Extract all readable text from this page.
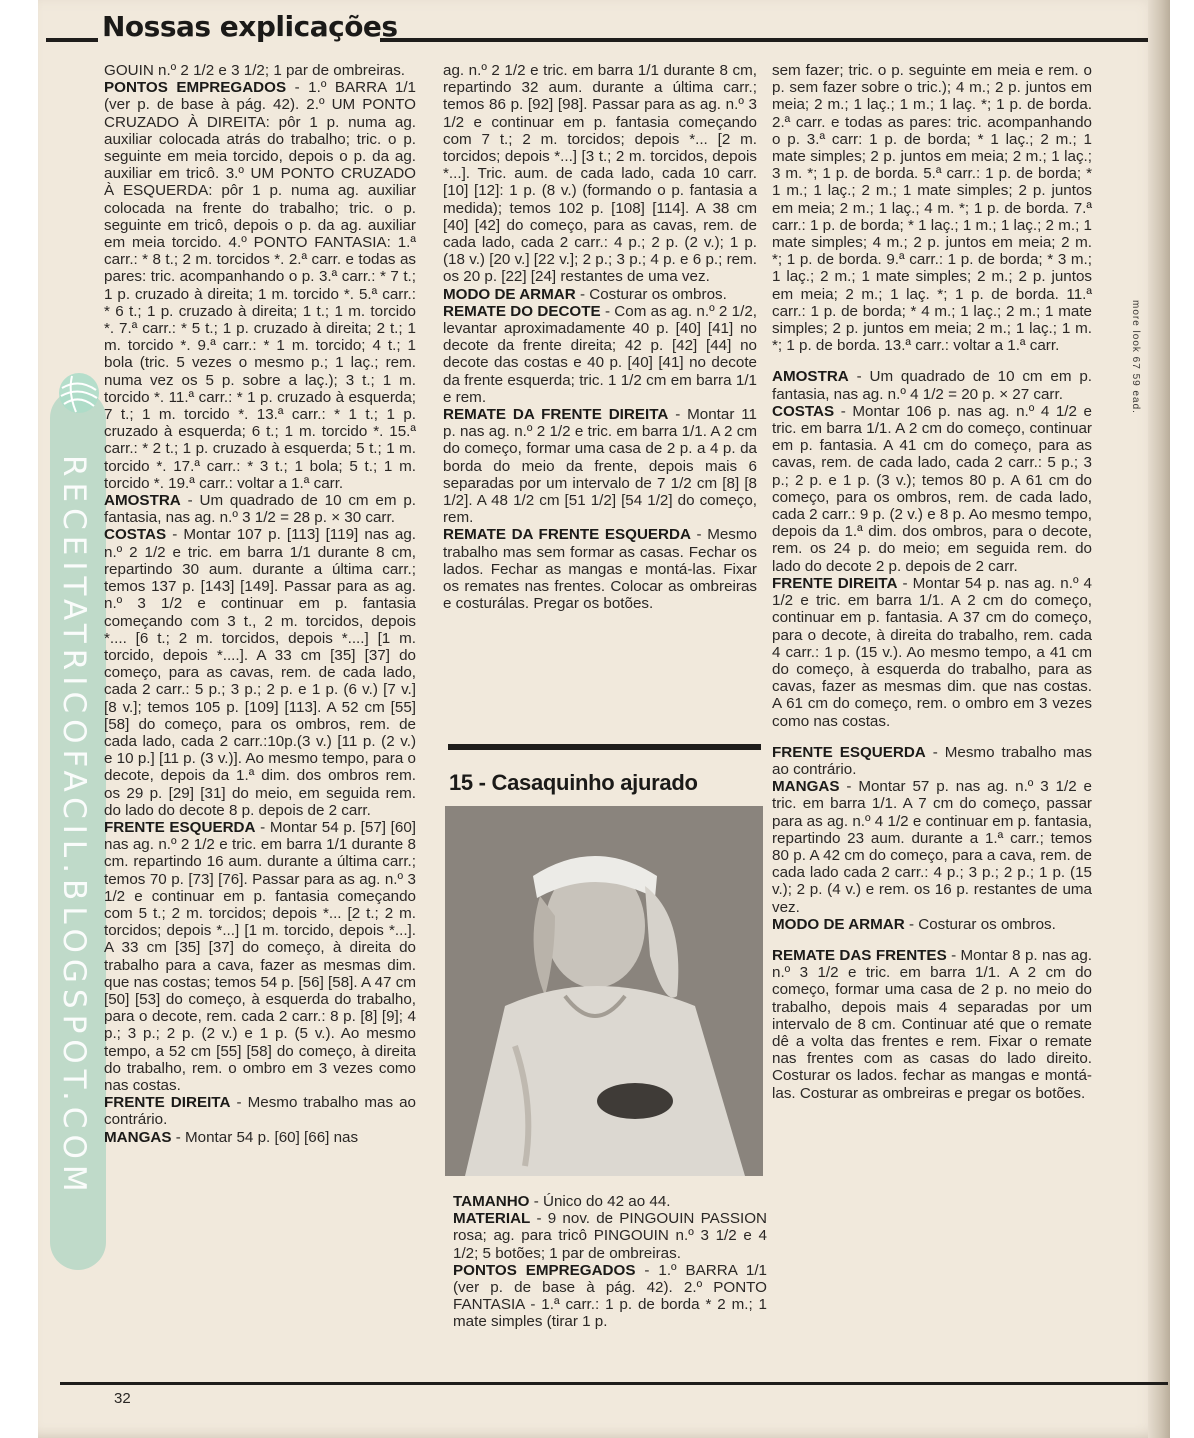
Nossas explicações
RECEITATRICOFACIL.BLOGSPOT.COM

GOUIN n.º 2 1/2 e 3 1/2; 1 par de ombreiras.

PONTOS EMPREGADOS - 1.º BARRA 1/1 (ver p. de base à pág. 42). 2.º UM PONTO CRUZADO À DIREITA: pôr 1 p. numa ag. auxiliar colocada atrás do trabalho; tric. o p. seguinte em meia torcido, depois o p. da ag. auxiliar em tricô. 3.º UM PONTO CRUZADO À ESQUERDA: pôr 1 p. numa ag. auxiliar colocada na frente do trabalho; tric. o p. seguinte em tricô, depois o p. da ag. auxiliar em meia torcido. 4.º PONTO FANTASIA: 1.ª carr.: * 8 t.; 2 m. torcidos *. 2.ª carr. e todas as pares: tric. acompanhando o p. 3.ª carr.: * 7 t.; 1 p. cruzado à direita; 1 m. torcido *. 5.ª carr.: * 6 t.; 1 p. cruzado à direita; 1 t.; 1 m. torcido *. 7.ª carr.: * 5 t.; 1 p. cruzado à direita; 2 t.; 1 m. torcido *. 9.ª carr.: * 1 m. torcido; 4 t.; 1 bola (tric. 5 vezes o mesmo p.; 1 laç.; rem. numa vez os 5 p. sobre a laç.); 3 t.; 1 m. torcido *. 11.ª carr.: * 1 p. cruzado à esquerda; 7 t.; 1 m. torcido *. 13.ª carr.: * 1 t.; 1 p. cruzado à esquerda; 6 t.; 1 m. torcido *. 15.ª carr.: * 2 t.; 1 p. cruzado à esquerda; 5 t.; 1 m. torcido *. 17.ª carr.: * 3 t.; 1 bola; 5 t.; 1 m. torcido *. 19.ª carr.: voltar a 1.ª carr.

AMOSTRA - Um quadrado de 10 cm em p. fantasia, nas ag. n.º 3 1/2 = 28 p. × 30 carr.

COSTAS - Montar 107 p. [113] [119] nas ag. n.º 2 1/2 e tric. em barra 1/1 durante 8 cm, repartindo 30 aum. durante a última carr.; temos 137 p. [143] [149]. Passar para as ag. n.º 3 1/2 e continuar em p. fantasia começando com 3 t., 2 m. torcidos, depois *.... [6 t.; 2 m. torcidos, depois *....] [1 m. torcido, depois *....]. A 33 cm [35] [37] do começo, para as cavas, rem. de cada lado, cada 2 carr.: 5 p.; 3 p.; 2 p. e 1 p. (6 v.) [7 v.] [8 v.]; temos 105 p. [109] [113]. A 52 cm [55] [58] do começo, para os ombros, rem. de cada lado, cada 2 carr.:10p.(3 v.) [11 p. (2 v.) e 10 p.] [11 p. (3 v.)]. Ao mesmo tempo, para o decote, depois da 1.ª dim. dos ombros rem. os 29 p. [29] [31] do meio, em seguida rem. do lado do decote 8 p. depois de 2 carr.

FRENTE ESQUERDA - Montar 54 p. [57] [60] nas ag. n.º 2 1/2 e tric. em barra 1/1 durante 8 cm. repartindo 16 aum. durante a última carr.; temos 70 p. [73] [76]. Passar para as ag. n.º 3 1/2 e continuar em p. fantasia começando com 5 t.; 2 m. torcidos; depois *... [2 t.; 2 m. torcidos; depois *...] [1 m. torcido, depois *...]. A 33 cm [35] [37] do começo, à direita do trabalho para a cava, fazer as mesmas dim. que nas costas; temos 54 p. [56] [58]. A 47 cm [50] [53] do começo, à esquerda do trabalho, para o decote, rem. cada 2 carr.: 8 p. [8] [9]; 4 p.; 3 p.; 2 p. (2 v.) e 1 p. (5 v.). Ao mesmo tempo, a 52 cm [55] [58] do começo, à direita do trabalho, rem. o ombro em 3 vezes como nas costas.

FRENTE DIREITA - Mesmo trabalho mas ao contrário.

MANGAS - Montar 54 p. [60] [66] nas

ag. n.º 2 1/2 e tric. em barra 1/1 durante 8 cm, repartindo 32 aum. durante a última carr.; temos 86 p. [92] [98]. Passar para as ag. n.º 3 1/2 e continuar em p. fantasia começando com 7 t.; 2 m. torcidos; depois *... [2 m. torcidos; depois *...] [3 t.; 2 m. torcidos, depois *...]. Tric. aum. de cada lado, cada 10 carr. [10] [12]: 1 p. (8 v.) (formando o p. fantasia a medida); temos 102 p. [108] [114]. A 38 cm [40] [42] do começo, para as cavas, rem. de cada lado, cada 2 carr.: 4 p.; 2 p. (2 v.); 1 p. (18 v.) [20 v.] [22 v.]; 2 p.; 3 p.; 4 p. e 6 p.; rem. os 20 p. [22] [24] restantes de uma vez.

MODO DE ARMAR - Costurar os ombros.

REMATE DO DECOTE - Com as ag. n.º 2 1/2, levantar aproximadamente 40 p. [40] [41] no decote da frente direita; 42 p. [42] [44] no decote das costas e 40 p. [40] [41] no decote da frente esquerda; tric. 1 1/2 cm em barra 1/1 e rem.

REMATE DA FRENTE DIREITA - Montar 11 p. nas ag. n.º 2 1/2 e tric. em barra 1/1. A 2 cm do começo, formar uma casa de 2 p. a 4 p. da borda do meio da frente, depois mais 6 separadas por um intervalo de 7 1/2 cm [8] [8 1/2]. A 48 1/2 cm [51 1/2] [54 1/2] do começo, rem.

REMATE DA FRENTE ESQUERDA - Mesmo trabalho mas sem formar as casas. Fechar os lados. Fechar as mangas e montá-las. Fixar os remates nas frentes. Colocar as ombreiras e costurálas. Pregar os botões.

15 - Casaquinho ajurado

TAMANHO - Único do 42 ao 44.

MATERIAL - 9 nov. de PINGOUIN PASSION rosa; ag. para tricô PINGOUIN n.º 3 1/2 e 4 1/2; 5 botões; 1 par de ombreiras.

PONTOS EMPREGADOS - 1.º BARRA 1/1 (ver p. de base à pág. 42). 2.º PONTO FANTASIA - 1.ª carr.: 1 p. de borda * 2 m.; 1 mate simples (tirar 1 p.

sem fazer; tric. o p. seguinte em meia e rem. o p. sem fazer sobre o tric.); 4 m.; 2 p. juntos em meia; 2 m.; 1 laç.; 1 m.; 1 laç. *; 1 p. de borda. 2.ª carr. e todas as pares: tric. acompanhando o p. 3.ª carr: 1 p. de borda; * 1 laç.; 2 m.; 1 mate simples; 2 p. juntos em meia; 2 m.; 1 laç.; 3 m. *; 1 p. de borda. 5.ª carr.: 1 p. de borda; * 1 m.; 1 laç.; 2 m.; 1 mate simples; 2 p. juntos em meia; 2 m.; 1 laç.; 4 m. *; 1 p. de borda. 7.ª carr.: 1 p. de borda; * 1 laç.; 1 m.; 1 laç.; 2 m.; 1 mate simples; 4 m.; 2 p. juntos em meia; 2 m. *; 1 p. de borda. 9.ª carr.: 1 p. de borda; * 3 m.; 1 laç.; 2 m.; 1 mate simples; 2 m.; 2 p. juntos em meia; 2 m.; 1 laç. *; 1 p. de borda. 11.ª carr.: 1 p. de borda; * 4 m.; 1 laç.; 2 m.; 1 mate simples; 2 p. juntos em meia; 2 m.; 1 laç.; 1 m. *; 1 p. de borda. 13.ª carr.: voltar a 1.ª carr.

AMOSTRA - Um quadrado de 10 cm em p. fantasia, nas ag. n.º 4 1/2 = 20 p. × 27 carr.

COSTAS - Montar 106 p. nas ag. n.º 4 1/2 e tric. em barra 1/1. A 2 cm do começo, continuar em p. fantasia. A 41 cm do começo, para as cavas, rem. de cada lado, cada 2 carr.: 5 p.; 3 p.; 2 p. e 1 p. (3 v.); temos 80 p. A 61 cm do começo, para os ombros, rem. de cada lado, cada 2 carr.: 9 p. (2 v.) e 8 p. Ao mesmo tempo, depois da 1.ª dim. dos ombros, para o decote, rem. os 24 p. do meio; em seguida rem. do lado do decote 2 p. depois de 2 carr.

FRENTE DIREITA - Montar 54 p. nas ag. n.º 4 1/2 e tric. em barra 1/1. A 2 cm do começo, continuar em p. fantasia. A 37 cm do começo, para o decote, à direita do trabalho, rem. cada 4 carr.: 1 p. (15 v.). Ao mesmo tempo, a 41 cm do começo, à esquerda do trabalho, para as cavas, fazer as mesmas dim. que nas costas. A 61 cm do começo, rem. o ombro em 3 vezes como nas costas.

FRENTE ESQUERDA - Mesmo trabalho mas ao contrário.

MANGAS - Montar 57 p. nas ag. n.º 3 1/2 e tric. em barra 1/1. A 7 cm do começo, passar para as ag. n.º 4 1/2 e continuar em p. fantasia, repartindo 23 aum. durante a 1.ª carr.; temos 80 p. A 42 cm do começo, para a cava, rem. de cada lado cada 2 carr.: 4 p.; 3 p.; 2 p.; 1 p. (15 v.); 2 p. (4 v.) e rem. os 16 p. restantes de uma vez.

MODO DE ARMAR - Costurar os ombros.

REMATE DAS FRENTES - Montar 8 p. nas ag. n.º 3 1/2 e tric. em barra 1/1. A 2 cm do começo, formar uma casa de 2 p. no meio do trabalho, depois mais 4 separadas por um intervalo de 8 cm. Continuar até que o remate dê a volta das frentes e rem. Fixar o remate nas frentes com as casas do lado direito. Costurar os lados. fechar as mangas e montá-las. Costurar as ombreiras e pregar os botões.

more look 67 59 ead.
32
